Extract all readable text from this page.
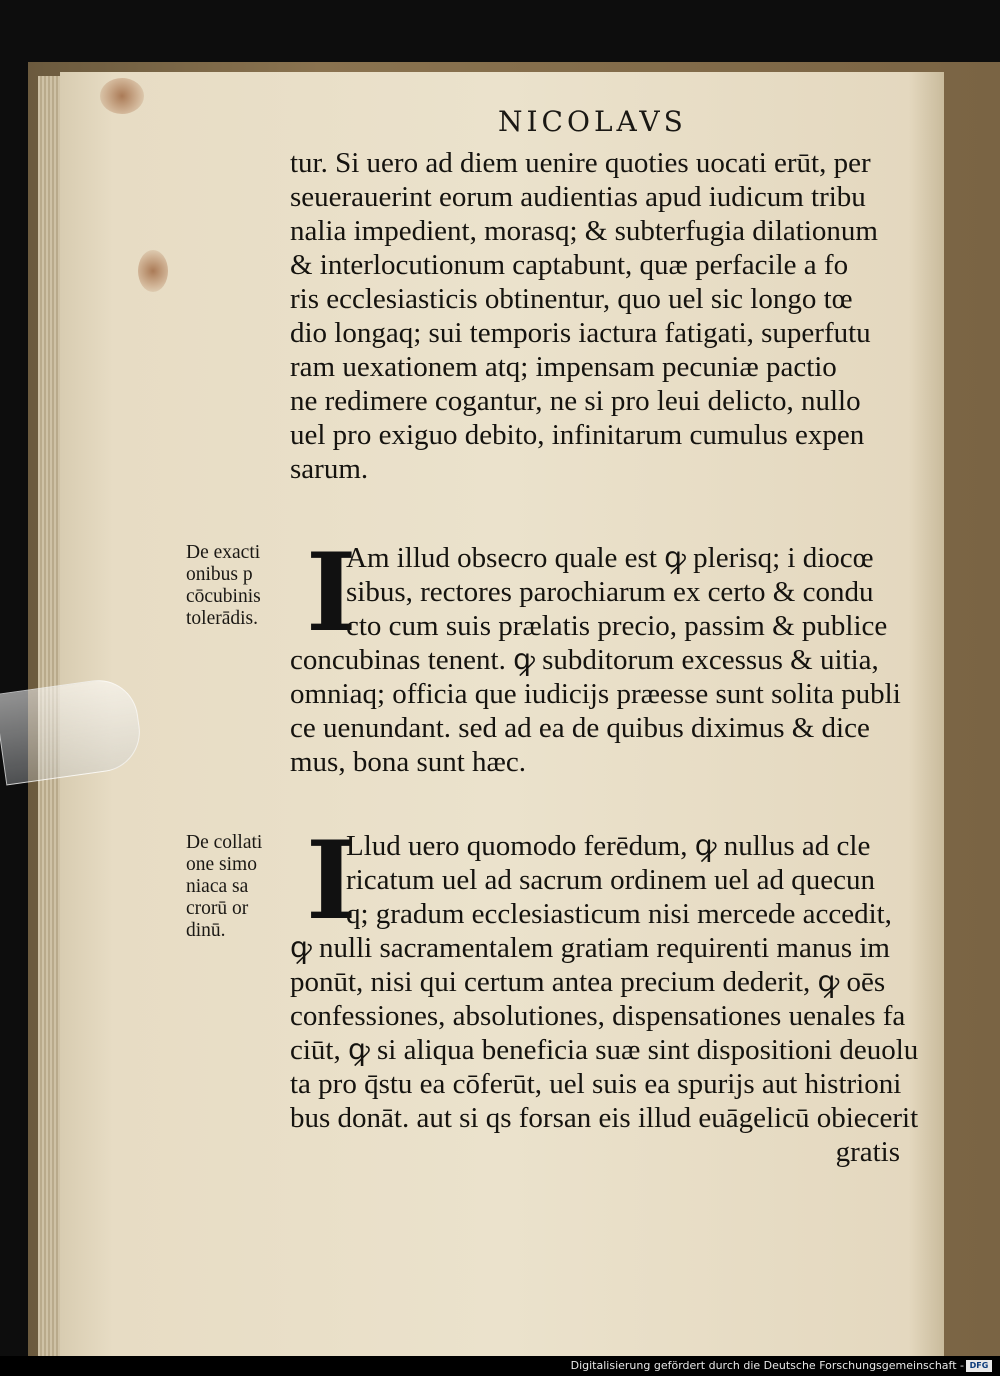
NICOLAVS
tur. Si uero ad diem uenire quoties uocati erūt, per
seuerauerint eorum audientias apud iudicum tribu
nalia impedient, morasq; & subterfugia dilationum
& interlocutionum captabunt, quæ perfacile a fo
ris ecclesiasticis obtinentur, quo uel sic longo tœ
dio longaq; sui temporis iactura fatigati, superfutu
ram uexationem atq; impensam pecuniæ pactio
ne redimere cogantur, ne si pro leui delicto, nullo
uel pro exiguo debito, infinitarum cumulus expen
sarum.
De exacti
onibus p
cōcubinis
tolerādis. I
Am illud obsecro quale est ꝙ plerisq; i diocœ
sibus, rectores parochiarum ex certo & condu
cto cum suis prælatis precio, passim & publice
concubinas tenent. ꝙ subditorum excessus & uitia,
omniaq; officia que iudicijs præesse sunt solita publi
ce uenundant. sed ad ea de quibus diximus & dice
mus, bona sunt hæc.
De collati
one simo
niaca sa
crorū or
dinū. I
Llud uero quomodo ferēdum, ꝙ nullus ad cle
ricatum uel ad sacrum ordinem uel ad quecun
q; gradum ecclesiasticum nisi mercede accedit,
ꝙ nulli sacramentalem gratiam requirenti manus im
ponūt, nisi qui certum antea precium dederit, ꝙ oēs
confessiones, absolutiones, dispensationes uenales fa
ciūt, ꝙ si aliqua beneficia suæ sint dispositioni deuolu
ta pro q̄stu ea cōferūt, uel suis ea spurijs aut histrioni
bus donāt. aut si qs forsan eis illud euāgelicū obiecerit
gratis
Digitalisierung gefördert durch die Deutsche Forschungsgemeinschaft - DFG
